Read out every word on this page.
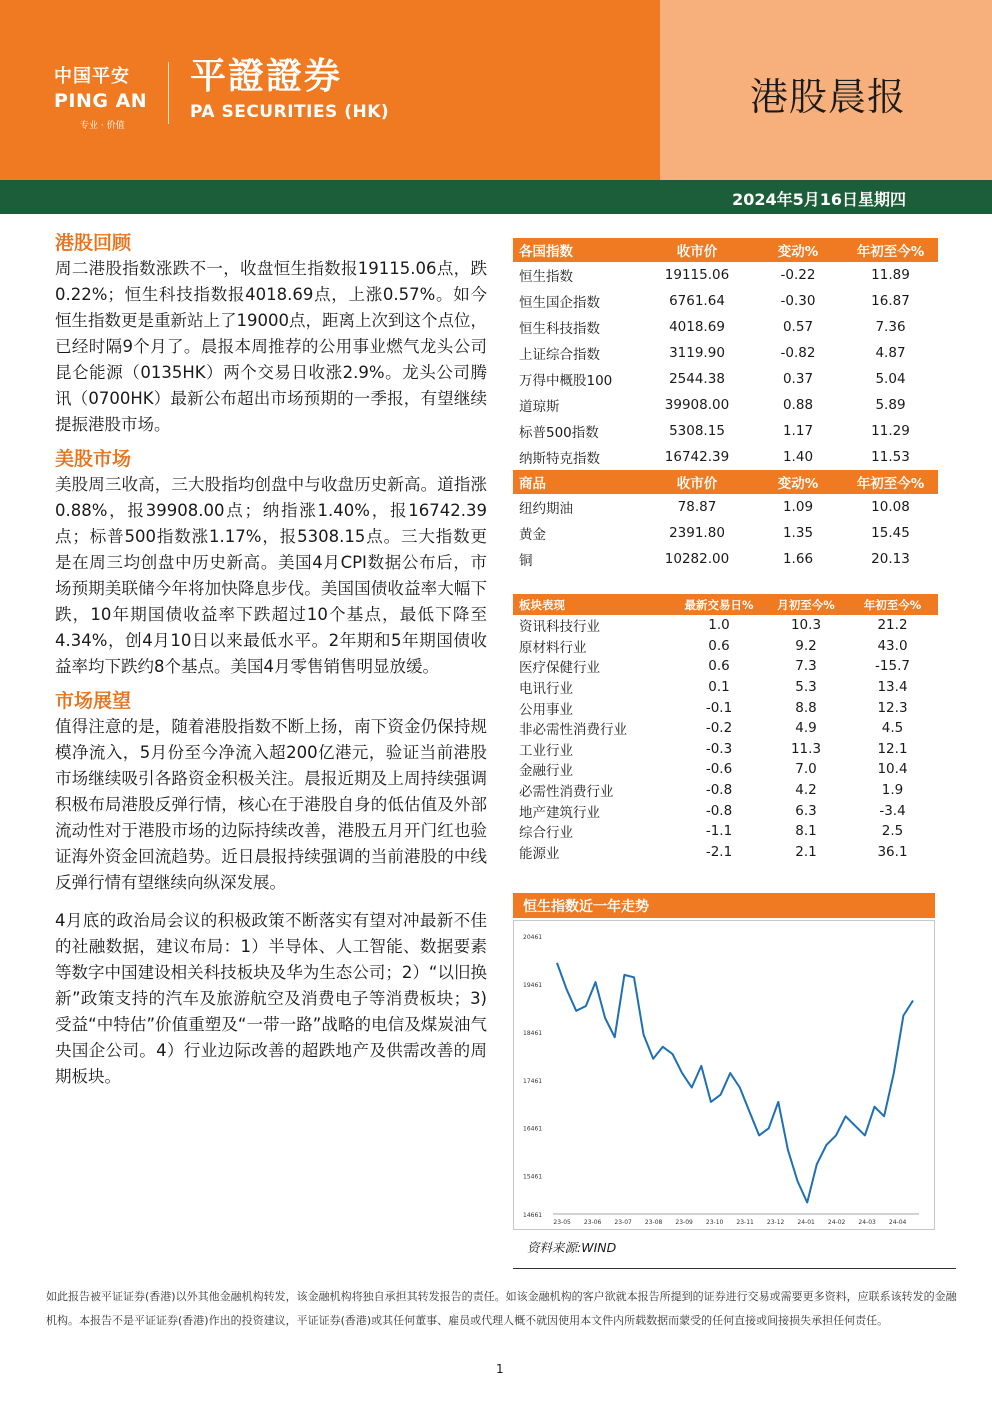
中国平安
PING AN
专业 · 价值
平證證券
PA SECURITIES (HK)	港股晨报
2024年5月16日星期四
港股回顾

周二港股指数涨跌不一，收盘恒生指数报19115.06点，跌0.22%；恒生科技指数报4018.69点，上涨0.57%。如今恒生指数更是重新站上了19000点，距离上次到这个点位，已经时隔9个月了。晨报本周推荐的公用事业燃气龙头公司昆仑能源（0135HK）两个交易日收涨2.9%。龙头公司腾讯（0700HK）最新公布超出市场预期的一季报，有望继续提振港股市场。

美股市场

美股周三收高，三大股指均创盘中与收盘历史新高。道指涨0.88%，报39908.00点；纳指涨1.40%，报16742.39点；标普500指数涨1.17%，报5308.15点。三大指数更是在周三均创盘中历史新高。美国4月CPI数据公布后，市场预期美联储今年将加快降息步伐。美国国债收益率大幅下跌，10年期国债收益率下跌超过10个基点，最低下降至4.34%，创4月10日以来最低水平。2年期和5年期国债收益率均下跌约8个基点。美国4月零售销售明显放缓。

市场展望

值得注意的是，随着港股指数不断上扬，南下资金仍保持规模净流入，5月份至今净流入超200亿港元，验证当前港股市场继续吸引各路资金积极关注。晨报近期及上周持续强调积极布局港股反弹行情，核心在于港股自身的低估值及外部流动性对于港股市场的边际持续改善，港股五月开门红也验证海外资金回流趋势。近日晨报持续强调的当前港股的中线反弹行情有望继续向纵深发展。

4月底的政治局会议的积极政策不断落实有望对冲最新不佳的社融数据，建议布局：1）半导体、人工智能、数据要素等数字中国建设相关科技板块及华为生态公司；2）“以旧换新”政策支持的汽车及旅游航空及消费电子等消费板块；3)受益“中特估”价值重塑及“一带一路”战略的电信及煤炭油气央国企公司。4）行业边际改善的超跌地产及供需改善的周期板块。

各国指数	收市价	变动%	年初至今%
恒生指数	19115.06	-0.22	11.89
恒生国企指数	6761.64	-0.30	16.87
恒生科技指数	4018.69	0.57	7.36
上证综合指数	3119.90	-0.82	4.87
万得中概股100	2544.38	0.37	5.04
道琼斯	39908.00	0.88	5.89
标普500指数	5308.15	1.17	11.29
纳斯特克指数	16742.39	1.40	11.53
商品	收市价	变动%	年初至今%
纽约期油	78.87	1.09	10.08
黄金	2391.80	1.35	15.45
铜	10282.00	1.66	20.13
板块表现	最新交易日%	月初至今%	年初至今%
资讯科技行业	1.0	10.3	21.2
原材料行业	0.6	9.2	43.0
医疗保健行业	0.6	7.3	-15.7
电讯行业	0.1	5.3	13.4
公用事业	-0.1	8.8	12.3
非必需性消费行业	-0.2	4.9	4.5
工业行业	-0.3	11.3	12.1
金融行业	-0.6	7.0	10.4
必需性消费行业	-0.8	4.2	1.9
地产建筑行业	-0.8	6.3	-3.4
综合行业	-1.1	8.1	2.5
能源业	-2.1	2.1	36.1
恒生指数近一年走势
20461
19461
18461
17461
16461
15461
14661
23-05 23-06 23-07 23-08 23-09 23-10 23-11 23-12 24-01 24-02 24-03 24-04
资料来源:WIND
如此报告被平证证券(香港)以外其他金融机构转发，该金融机构将独自承担其转发报告的责任。如该金融机构的客户欲就本报告所提到的证券进行交易或需要更多资料，应联系该转发的金融机构。本报告不是平证证券(香港)作出的投资建议，平证证券(香港)或其任何董事、雇员或代理人概不就因使用本文件内所载数据而蒙受的任何直接或间接损失承担任何责任。
1
